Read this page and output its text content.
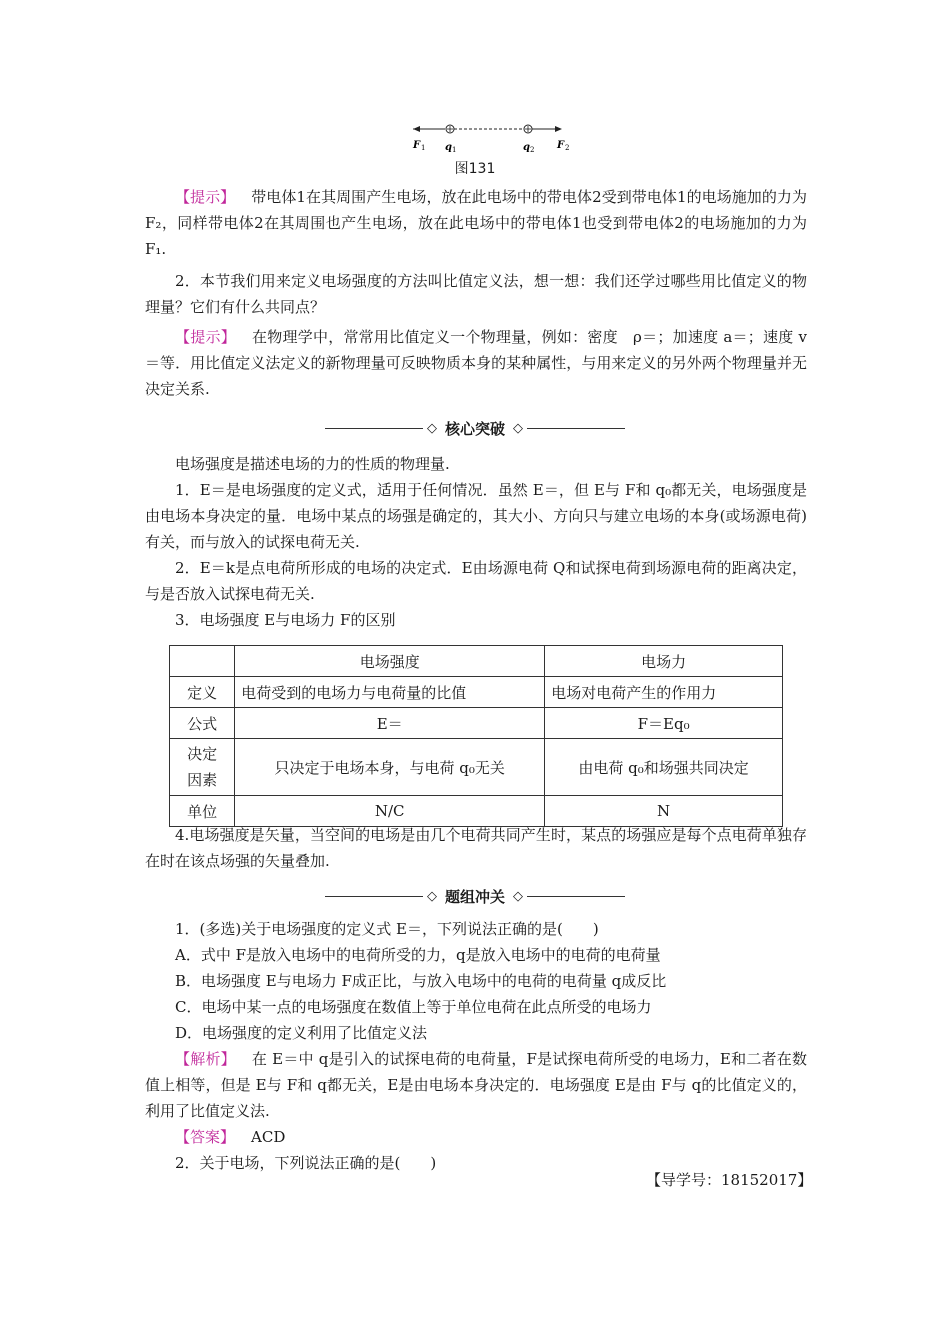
F 1 q 1	q 2 F 2
图131

【提示】 带电体1在其周围产生电场，放在此电场中的带电体2受到带电体1的电场施加的力为F₂，同样带电体2在其周围也产生电场，放在此电场中的带电体1也受到带电体2的电场施加的力为F₁.

2．本节我们用来定义电场强度的方法叫比值定义法，想一想：我们还学过哪些用比值定义的物理量？它们有什么共同点？

【提示】 在物理学中，常常用比值定义一个物理量，例如：密度　ρ＝；加速度 a＝；速度 v＝等．用比值定义法定义的新物理量可反映物质本身的某种属性，与用来定义的另外两个物理量并无决定关系.

◇ 核心突破 ◇

电场强度是描述电场的力的性质的物理量.

1．E＝是电场强度的定义式，适用于任何情况．虽然 E＝，但 E与 F和 q₀都无关，电场强度是由电场本身决定的量．电场中某点的场强是确定的，其大小、方向只与建立电场的本身(或场源电荷)有关，而与放入的试探电荷无关.

2．E＝k是点电荷所形成的电场的决定式．E由场源电荷 Q和试探电荷到场源电荷的距离决定，与是否放入试探电荷无关.

3．电场强度 E与电场力 F的区别

	电场强度	电场力
定义	电荷受到的电场力与电荷量的比值	电场对电荷产生的作用力
公式	E＝	F＝Eq₀
决定
因素	只决定于电场本身，与电荷 q₀无关	由电荷 q₀和场强共同决定
单位	N/C	N

4.电场强度是矢量，当空间的电场是由几个电荷共同产生时，某点的场强应是每个点电荷单独存在时在该点场强的矢量叠加.

◇ 题组冲关 ◇

1．(多选)关于电场强度的定义式 E＝，下列说法正确的是(　　)

A．式中 F是放入电场中的电荷所受的力，q是放入电场中的电荷的电荷量

B．电场强度 E与电场力 F成正比，与放入电场中的电荷的电荷量 q成反比

C．电场中某一点的电场强度在数值上等于单位电荷在此点所受的电场力

D．电场强度的定义利用了比值定义法

【解析】 在 E＝中 q是引入的试探电荷的电荷量，F是试探电荷所受的电场力，E和二者在数值上相等，但是 E与 F和 q都无关，E是由电场本身决定的．电场强度 E是由 F与 q的比值定义的，利用了比值定义法.

【答案】 ACD

2．关于电场，下列说法正确的是(　　)

【导学号：18152017】
